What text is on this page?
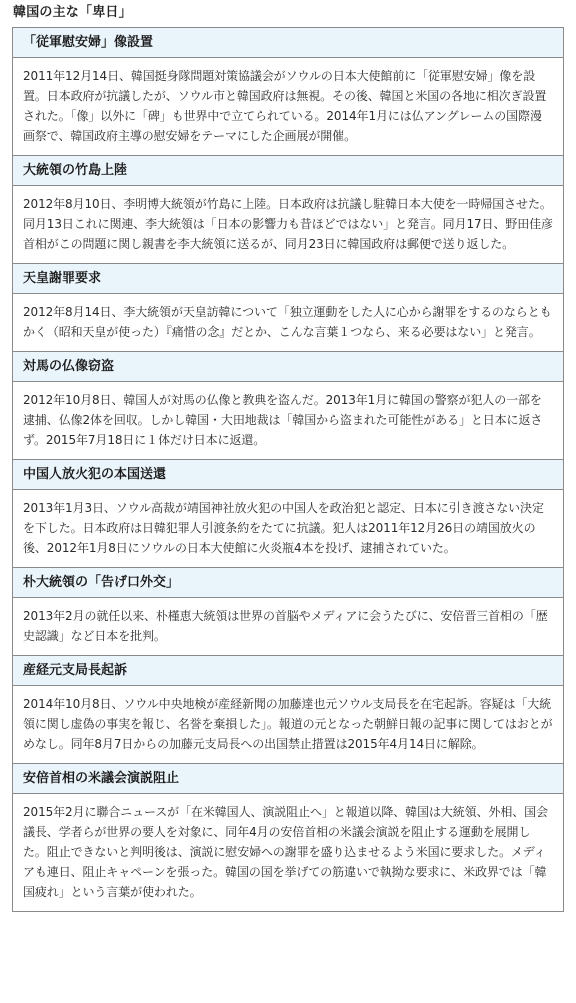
韓国の主な「卑日」
「従軍慰安婦」像設置
2011年12月14日、韓国挺身隊問題対策協議会がソウルの日本大使館前に「従軍慰安婦」像を設置。日本政府が抗議したが、ソウル市と韓国政府は無視。その後、韓国と米国の各地に相次ぎ設置された。「像」以外に「碑」も世界中で立てられている。2014年1月には仏アングレームの国際漫画祭で、韓国政府主導の慰安婦をテーマにした企画展が開催。
大統領の竹島上陸
2012年8月10日、李明博大統領が竹島に上陸。日本政府は抗議し駐韓日本大使を一時帰国させた。同月13日これに関連、李大統領は「日本の影響力も昔ほどではない」と発言。同月17日、野田佳彦首相がこの問題に関し親書を李大統領に送るが、同月23日に韓国政府は郵便で送り返した。
天皇謝罪要求
2012年8月14日、李大統領が天皇訪韓について「独立運動をした人に心から謝罪をするのならともかく（昭和天皇が使った）『痛惜の念』だとか、こんな言葉１つなら、来る必要はない」と発言。
対馬の仏像窃盗
2012年10月8日、韓国人が対馬の仏像と教典を盗んだ。2013年1月に韓国の警察が犯人の一部を逮捕、仏像2体を回収。しかし韓国・大田地裁は「韓国から盗まれた可能性がある」と日本に返さず。2015年7月18日に１体だけ日本に返還。
中国人放火犯の本国送還
2013年1月3日、ソウル高裁が靖国神社放火犯の中国人を政治犯と認定、日本に引き渡さない決定を下した。日本政府は日韓犯罪人引渡条約をたてに抗議。犯人は2011年12月26日の靖国放火の後、2012年1月8日にソウルの日本大使館に火炎瓶4本を投げ、逮捕されていた。
朴大統領の「告げ口外交」
2013年2月の就任以来、朴槿恵大統領は世界の首脳やメディアに会うたびに、安倍晋三首相の「歴史認識」など日本を批判。
産経元支局長起訴
2014年10月8日、ソウル中央地検が産経新聞の加藤達也元ソウル支局長を在宅起訴。容疑は「大統領に関し虚偽の事実を報じ、名誉を棄損した」。報道の元となった朝鮮日報の記事に関してはおとがめなし。同年8月7日からの加藤元支局長への出国禁止措置は2015年4月14日に解除。
安倍首相の米議会演説阻止
2015年2月に聯合ニュースが「在米韓国人、演説阻止へ」と報道以降、韓国は大統領、外相、国会議長、学者らが世界の要人を対象に、同年4月の安倍首相の米議会演説を阻止する運動を展開した。阻止できないと判明後は、演説に慰安婦への謝罪を盛り込ませるよう米国に要求した。メディアも連日、阻止キャペーンを張った。韓国の国を挙げての筋違いで執拗な要求に、米政界では「韓国疲れ」という言葉が使われた。
